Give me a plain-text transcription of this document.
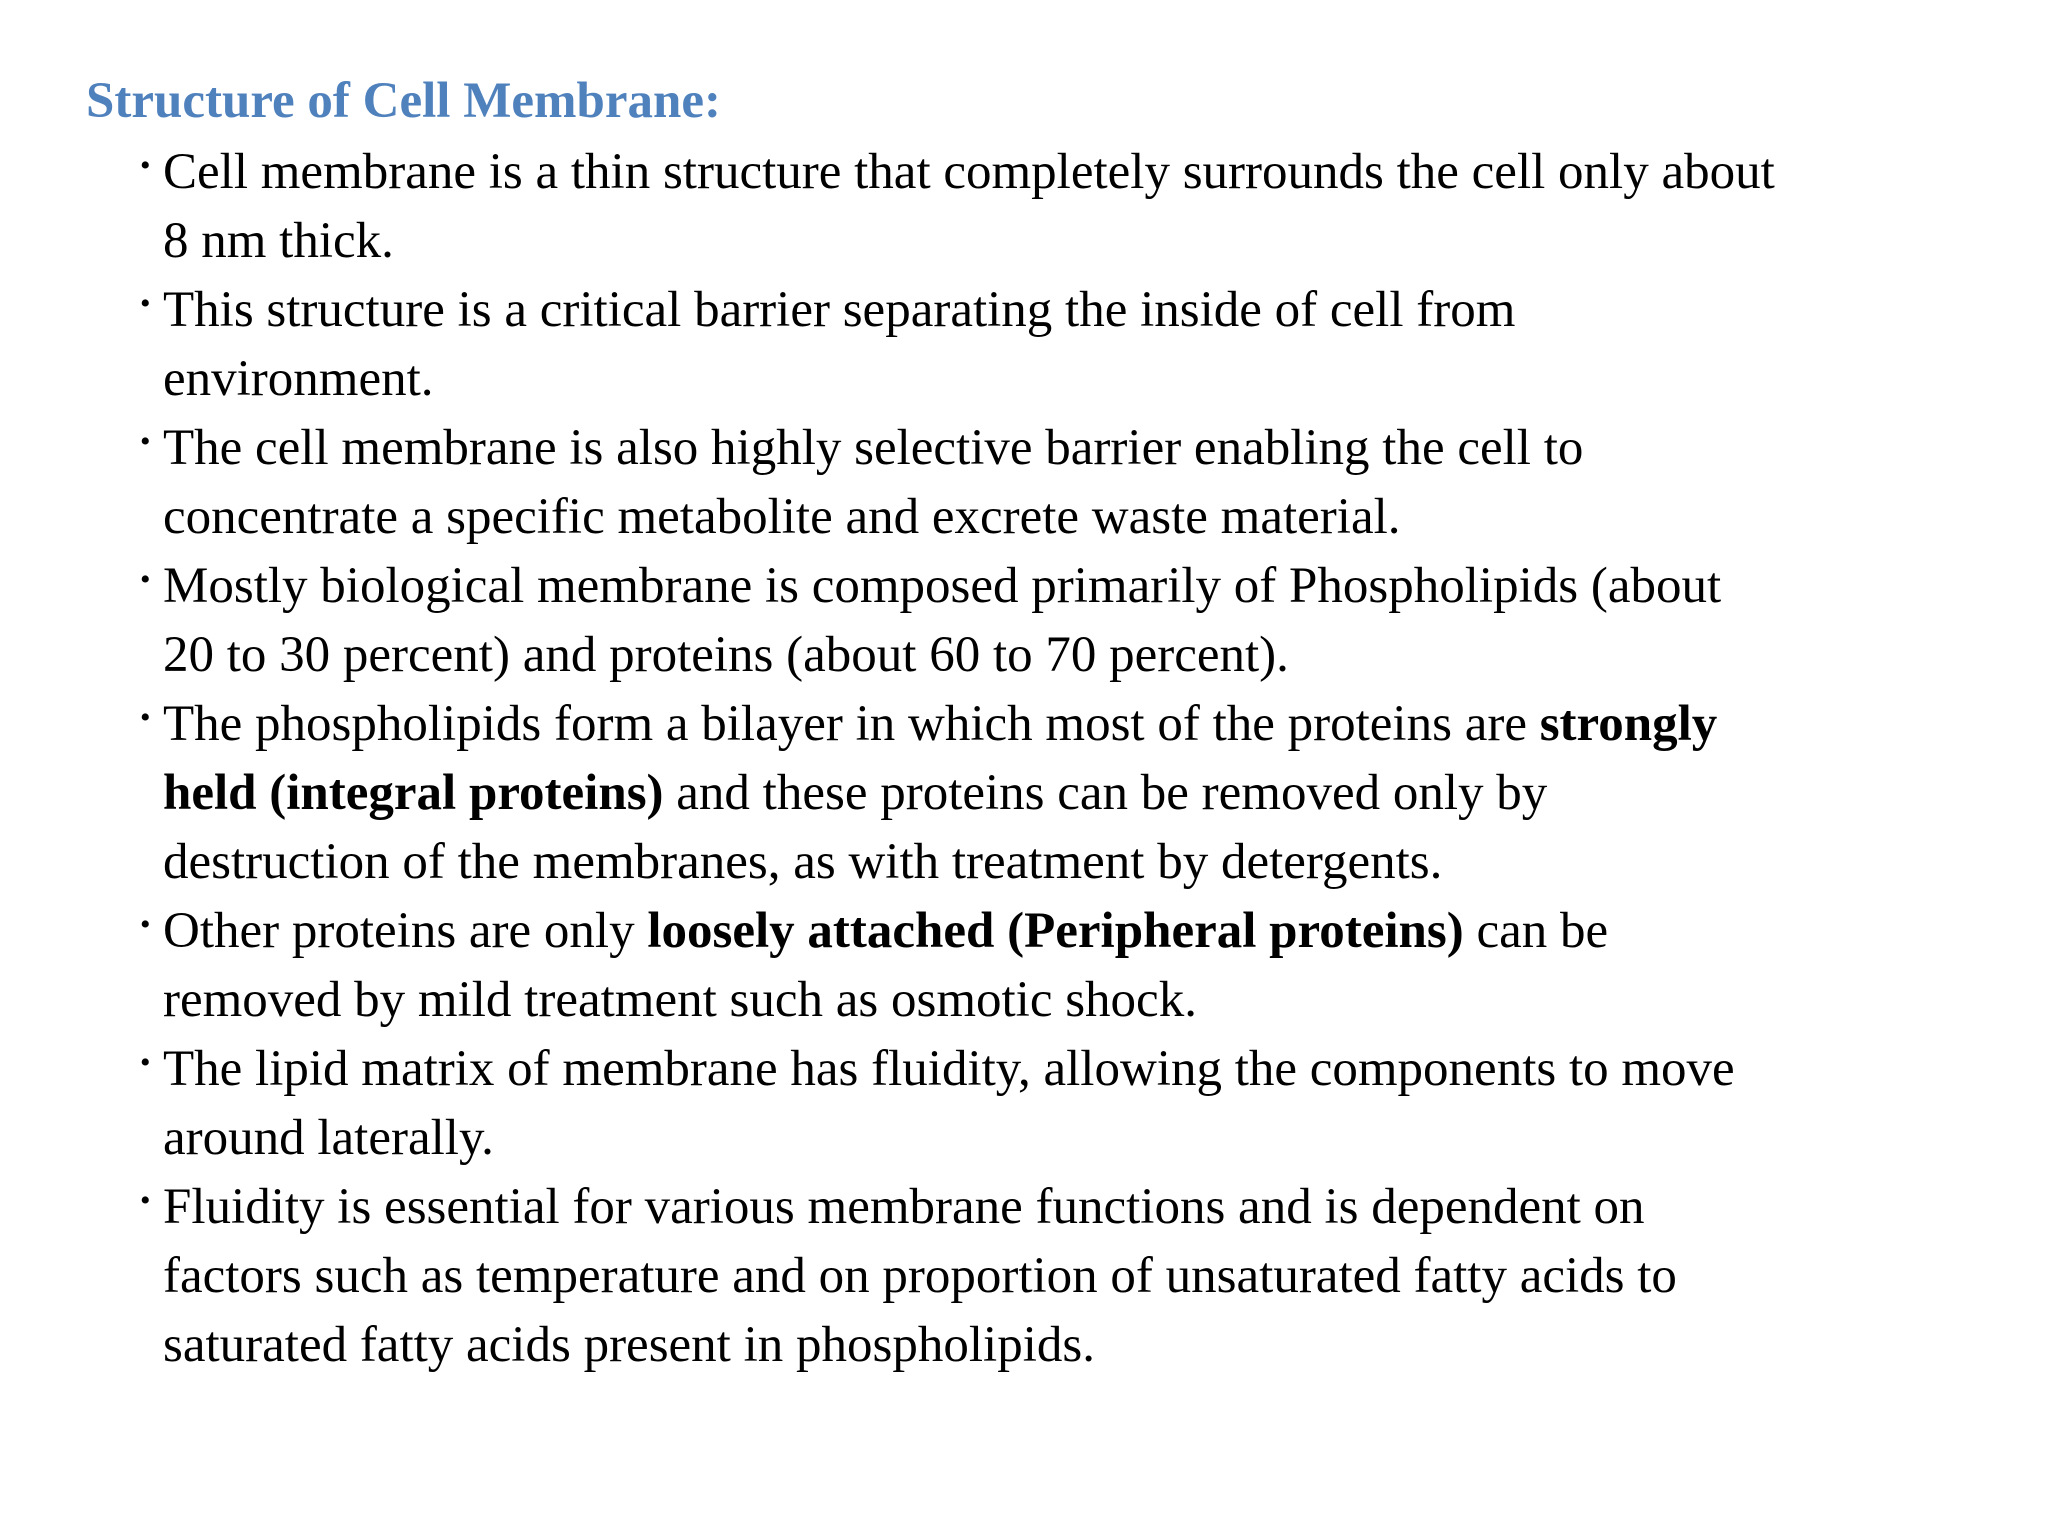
Structure of Cell Membrane:
• Cell membrane is a thin structure that completely surrounds the cell only about
8 nm thick.
• This structure is a critical barrier separating the inside of cell from
environment.
• The cell membrane is also highly selective barrier enabling the cell to
concentrate a specific metabolite and excrete waste material.
• Mostly biological membrane is composed primarily of Phospholipids (about
20 to 30 percent) and proteins (about 60 to 70 percent).
• The phospholipids form a bilayer in which most of the proteins are strongly
held (integral proteins) and these proteins can be removed only by
destruction of the membranes, as with treatment by detergents.
• Other proteins are only loosely attached (Peripheral proteins) can be
removed by mild treatment such as osmotic shock.
• The lipid matrix of membrane has fluidity, allowing the components to move
around laterally.
• Fluidity is essential for various membrane functions and is dependent on
factors such as temperature and on proportion of unsaturated fatty acids to
saturated fatty acids present in phospholipids.
